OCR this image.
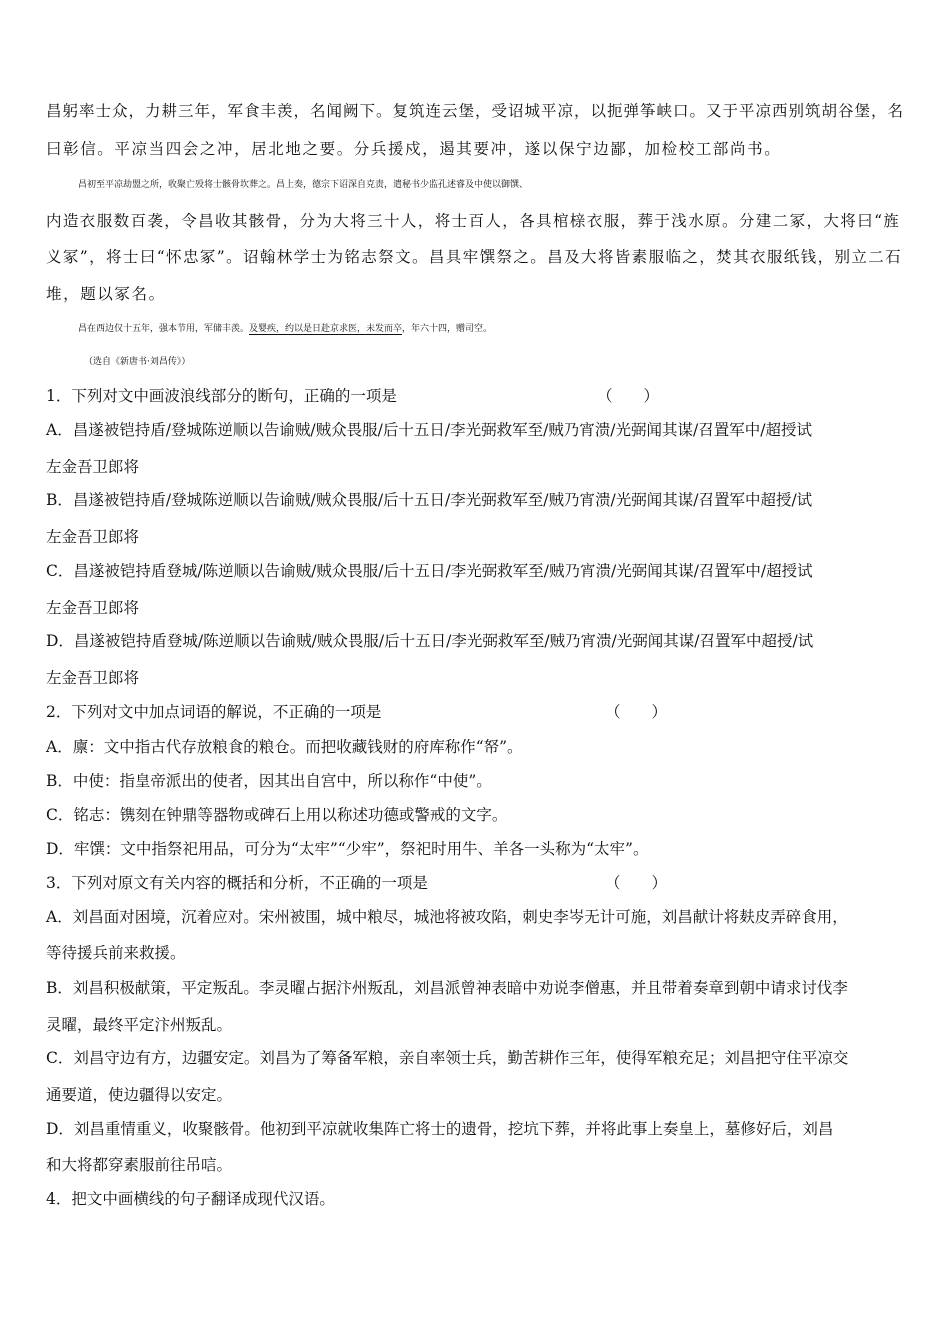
昌躬率士众，力耕三年，军食丰羡，名闻阙下。复筑连云堡，受诏城平凉，以扼弹筝峡口。又于平凉西别筑胡谷堡，名
曰彰信。平凉当四会之冲，居北地之要。分兵援戍，遏其要冲，遂以保宁边鄙，加检校工部尚书。
昌初至平凉劫盟之所，收聚亡殁将士骸骨坎葬之。昌上奏，德宗下诏深自克责，遣秘书少监孔述睿及中使以御馔、
内造衣服数百袭，令昌收其骸骨，分为大将三十人，将士百人，各具棺榇衣服，葬于浅水原。分建二冢，大将曰“旌
义冢”，将士曰“怀忠冢”。诏翰林学士为铭志祭文。昌具牢馔祭之。昌及大将皆素服临之，焚其衣服纸钱，别立二石
堆，题以冢名。
昌在西边仅十五年，强本节用，军储丰羡。及婴疾，约以是日赴京求医，未发而卒，年六十四，赠司空。
（选自《新唐书·刘昌传》）
1．下列对文中画波浪线部分的断句，正确的一项是	（　　）
A．昌遂被铠持盾/登城陈逆顺以告谕贼/贼众畏服/后十五日/李光弼救军至/贼乃宵溃/光弼闻其谋/召置军中/超授试
左金吾卫郎将
B．昌遂被铠持盾/登城陈逆顺以告谕贼/贼众畏服/后十五日/李光弼救军至/贼乃宵溃/光弼闻其谋/召置军中超授/试
左金吾卫郎将
C．昌遂被铠持盾登城/陈逆顺以告谕贼/贼众畏服/后十五日/李光弼救军至/贼乃宵溃/光弼闻其谋/召置军中/超授试
左金吾卫郎将
D．昌遂被铠持盾登城/陈逆顺以告谕贼/贼众畏服/后十五日/李光弼救军至/贼乃宵溃/光弼闻其谋/召置军中超授/试
左金吾卫郎将
2．下列对文中加点词语的解说，不正确的一项是	（　　）
A．廪：文中指古代存放粮食的粮仓。而把收藏钱财的府库称作“帑”。
B．中使：指皇帝派出的使者，因其出自宫中，所以称作“中使”。
C．铭志：镌刻在钟鼎等器物或碑石上用以称述功德或警戒的文字。
D．牢馔：文中指祭祀用品，可分为“太牢”“少牢”，祭祀时用牛、羊各一头称为“太牢”。
3．下列对原文有关内容的概括和分析，不正确的一项是	（　　）
A．刘昌面对困境，沉着应对。宋州被围，城中粮尽，城池将被攻陷，刺史李岑无计可施，刘昌献计将麸皮弄碎食用，
等待援兵前来救援。
B．刘昌积极献策，平定叛乱。李灵曜占据汴州叛乱，刘昌派曾神表暗中劝说李僧惠，并且带着奏章到朝中请求讨伐李
灵曜，最终平定汴州叛乱。
C．刘昌守边有方，边疆安定。刘昌为了筹备军粮，亲自率领士兵，勤苦耕作三年，使得军粮充足；刘昌把守住平凉交
通要道，使边疆得以安定。
D．刘昌重情重义，收聚骸骨。他初到平凉就收集阵亡将士的遗骨，挖坑下葬，并将此事上奏皇上，墓修好后，刘昌
和大将都穿素服前往吊唁。
4．把文中画横线的句子翻译成现代汉语。
